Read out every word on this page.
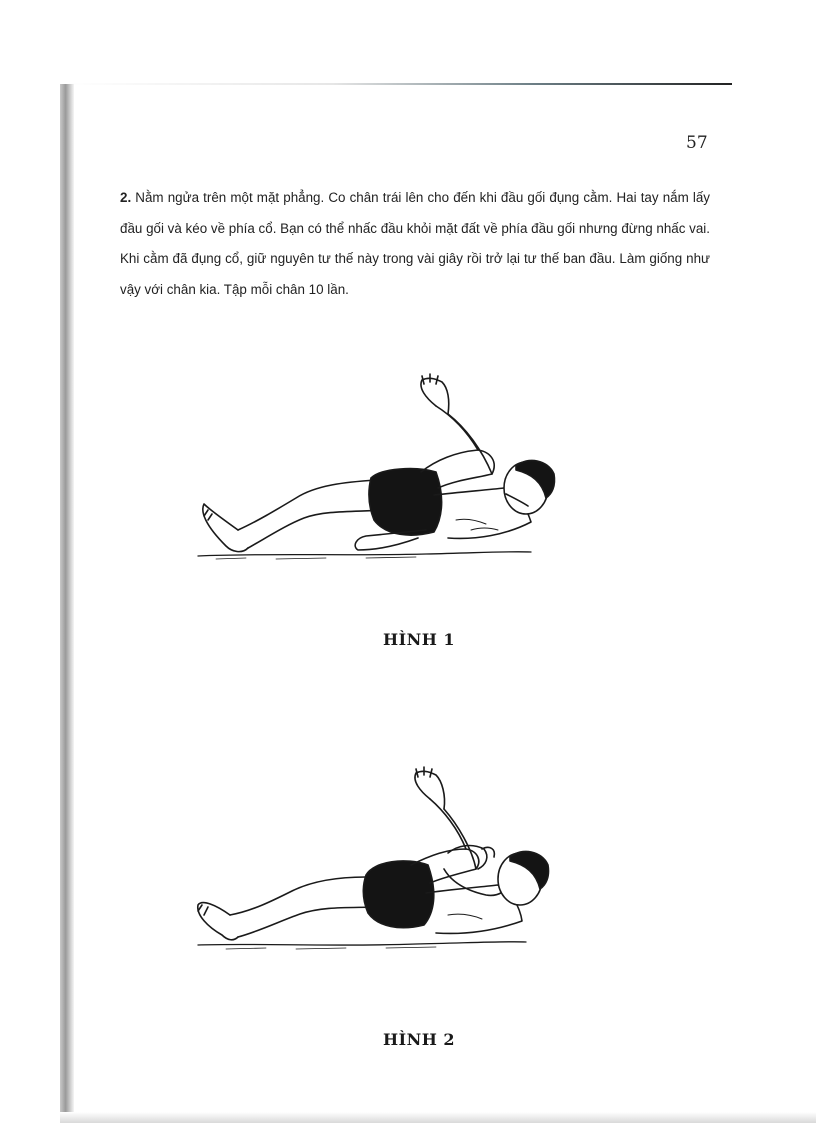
57

2. Nằm ngửa trên một mặt phẳng. Co chân trái lên cho đến khi đầu gối đụng cằm. Hai tay nắm lấy đầu gối và kéo về phía cổ. Bạn có thể nhấc đầu khỏi mặt đất về phía đầu gối nhưng đừng nhấc vai. Khi cằm đã đụng cổ, giữ nguyên tư thế này trong vài giây rồi trở lại tư thế ban đầu. Làm giống như vậy với chân kia. Tập mỗi chân 10 lần.

HÌNH 1
HÌNH 2
